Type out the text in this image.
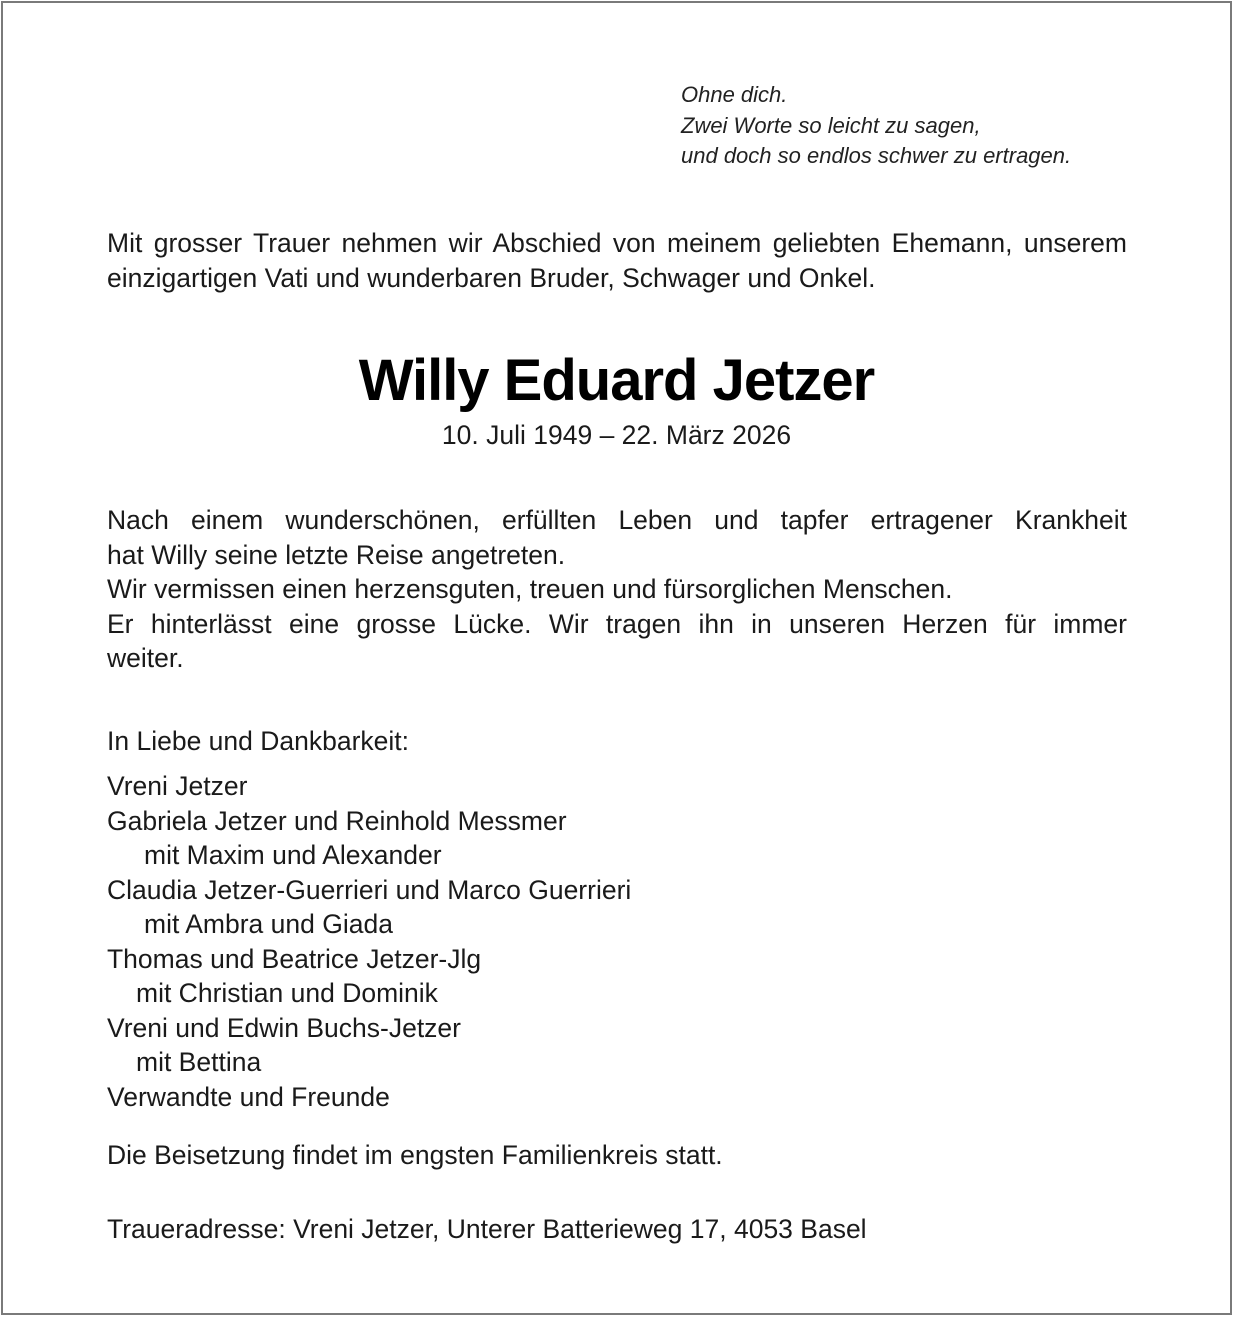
Ohne dich.
Zwei Worte so leicht zu sagen,
und doch so endlos schwer zu ertragen.
Mit grosser Trauer nehmen wir Abschied von meinem geliebten Ehemann, unserem einzigartigen Vati und wunderbaren Bruder, Schwager und Onkel.
Willy Eduard Jetzer
10. Juli 1949 – 22. März 2026
Nach einem wunderschönen, erfüllten Leben und tapfer ertragener Krankheit
hat Willy seine letzte Reise angetreten.
Wir vermissen einen herzensguten, treuen und fürsorglichen Menschen.
Er hinterlässt eine grosse Lücke. Wir tragen ihn in unseren Herzen für immer
weiter.
In Liebe und Dankbarkeit:
Vreni Jetzer
Gabriela Jetzer und Reinhold Messmer
mit Maxim und Alexander
Claudia Jetzer-Guerrieri und Marco Guerrieri
mit Ambra und Giada
Thomas und Beatrice Jetzer-Jlg
mit Christian und Dominik
Vreni und Edwin Buchs-Jetzer
mit Bettina
Verwandte und Freunde
Die Beisetzung findet im engsten Familienkreis statt.
Traueradresse: Vreni Jetzer, Unterer Batterieweg 17, 4053 Basel
